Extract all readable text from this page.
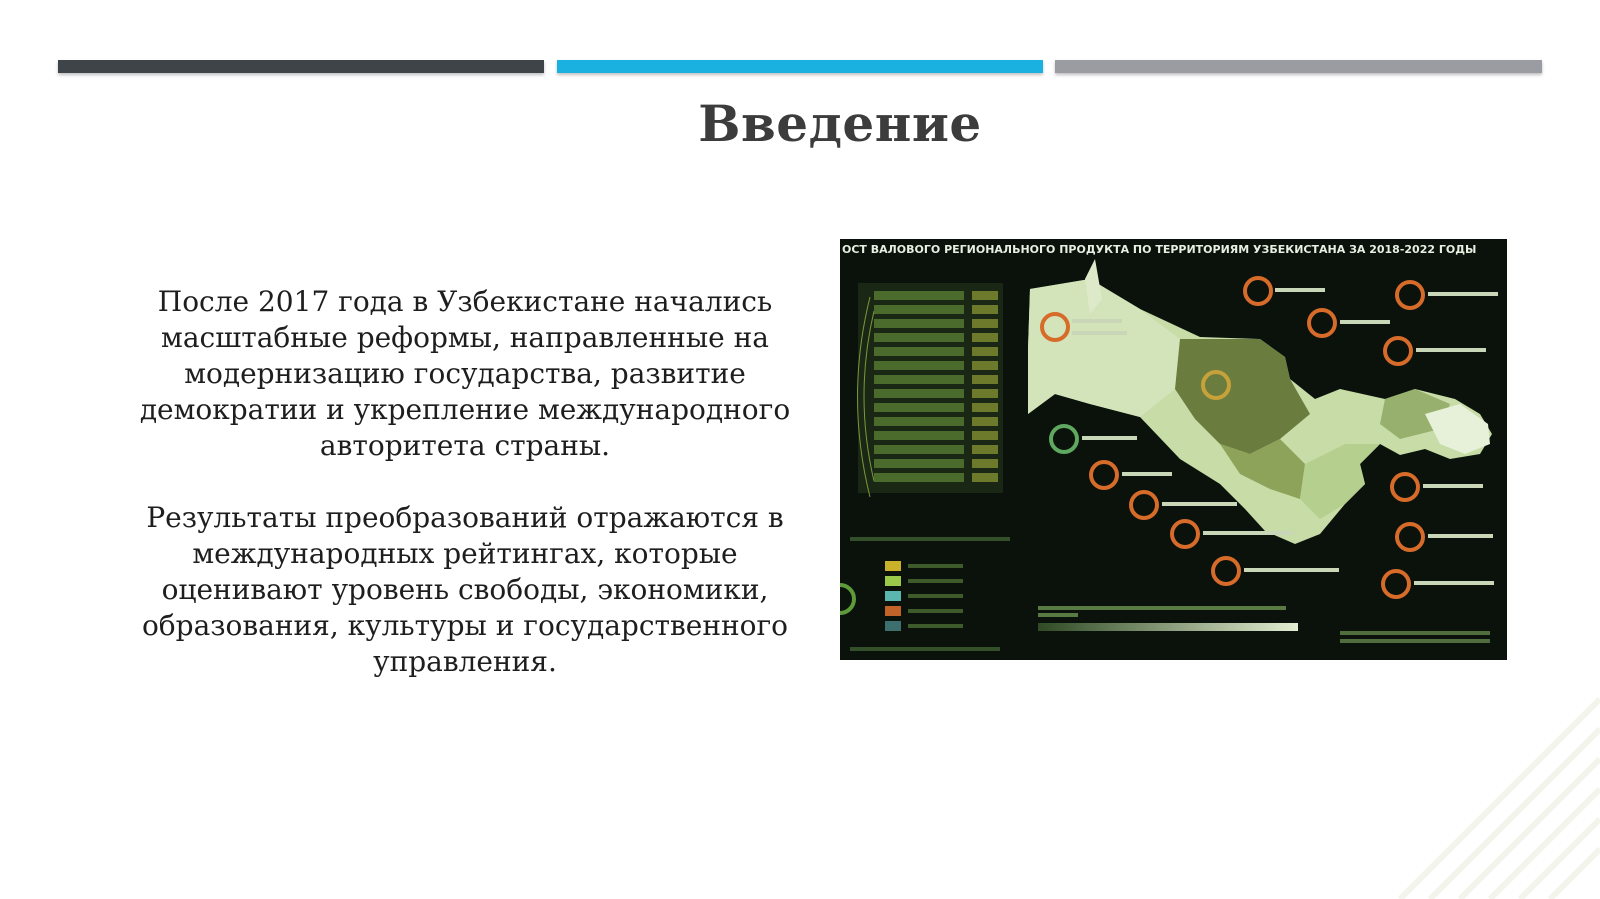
Введение
После 2017 года в Узбекистане начались масштабные реформы, направленные на модернизацию государства, развитие демократии и укрепление международного авторитета страны.
Результаты преобразований отражаются в международных рейтингах, которые оценивают уровень свободы, экономики, образования, культуры и государственного управления.
ОСТ ВАЛОВОГО РЕГИОНАЛЬНОГО ПРОДУКТА ПО ТЕРРИТОРИЯМ УЗБЕКИСТАНА ЗА 2018-2022 ГОДЫ
